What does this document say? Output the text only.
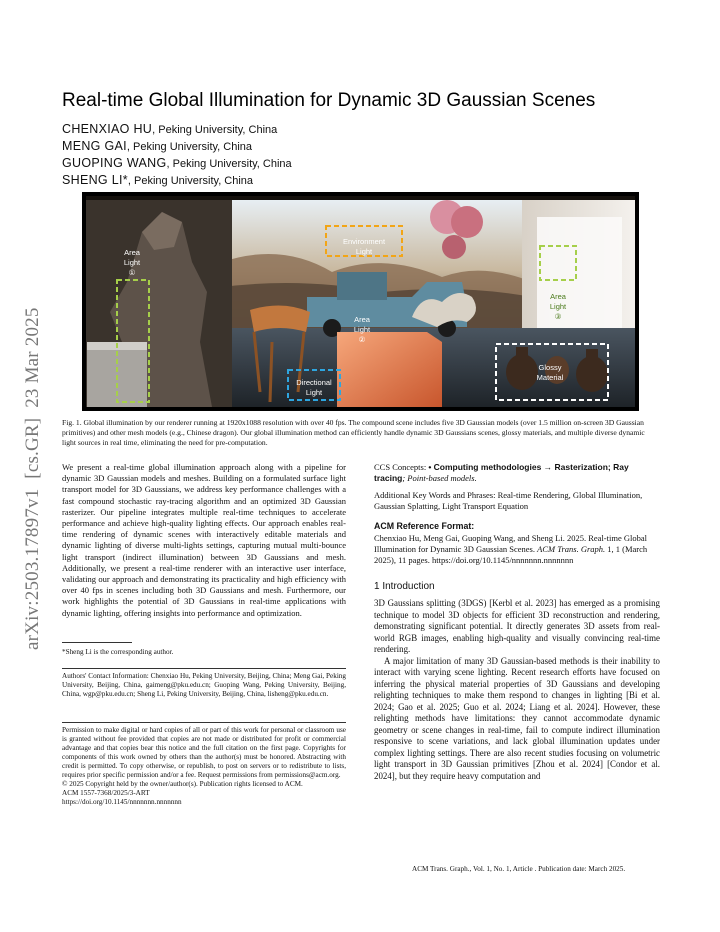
arXiv:2503.17897v1  [cs.GR]  23 Mar 2025
Real-time Global Illumination for Dynamic 3D Gaussian Scenes
CHENXIAO HU, Peking University, China
MENG GAI, Peking University, China
GUOPING WANG, Peking University, China
SHENG LI*, Peking University, China
Area
Light
①
Environment
Light
Area
Light
②
Directional
Light
Glossy
Material
Area
Light
③
Fig. 1. Global illumination by our renderer running at 1920x1088 resolution with over 40 fps. The compound scene includes five 3D Gaussian models (over 1.5 million on-screen 3D Gaussian primitives) and other mesh models (e.g., Chinese dragon). Our global illumination method can efficiently handle dynamic 3D Gaussians scenes, glossy materials, and multiple diverse dynamic light sources in real time, eliminating the need for pre-computation.
We present a real-time global illumination approach along with a pipeline for dynamic 3D Gaussian models and meshes. Building on a formulated surface light transport model for 3D Gaussians, we address key performance challenges with a fast compound stochastic ray-tracing algorithm and an optimized 3D Gaussian rasterizer. Our pipeline integrates multiple real-time techniques to accelerate performance and achieve high-quality lighting effects. Our approach enables real-time rendering of dynamic scenes with interactively editable materials and dynamic lighting of diverse multi-lights settings, capturing mutual multi-bounce light transport (indirect illumination) between 3D Gaussians and mesh. Additionally, we present a real-time renderer with an interactive user interface, validating our approach and demonstrating its practicality and high efficiency with over 40 fps in scenes including both 3D Gaussians and mesh. Furthermore, our work highlights the potential of 3D Gaussians in real-time applications with dynamic lighting, offering insights into performance and optimization.
*Sheng Li is the corresponding author.
Authors' Contact Information: Chenxiao Hu, Peking University, Beijing, China; Meng Gai, Peking University, Beijing, China, gaimeng@pku.edu.cn; Guoping Wang, Peking University, Beijing, China, wgp@pku.edu.cn; Sheng Li, Peking University, Beijing, China, lisheng@pku.edu.cn.
Permission to make digital or hard copies of all or part of this work for personal or classroom use is granted without fee provided that copies are not made or distributed for profit or commercial advantage and that copies bear this notice and the full citation on the first page. Copyrights for components of this work owned by others than the author(s) must be honored. Abstracting with credit is permitted. To copy otherwise, or republish, to post on servers or to redistribute to lists, requires prior specific permission and/or a fee. Request permissions from permissions@acm.org.
© 2025 Copyright held by the owner/author(s). Publication rights licensed to ACM.
ACM 1557-7368/2025/3-ART
https://doi.org/10.1145/nnnnnnn.nnnnnnn
CCS Concepts: • Computing methodologies → Rasterization; Ray tracing; Point-based models.
Additional Key Words and Phrases: Real-time Rendering, Global Illumination, Gaussian Splatting, Light Transport Equation
ACM Reference Format:
Chenxiao Hu, Meng Gai, Guoping Wang, and Sheng Li. 2025. Real-time Global Illumination for Dynamic 3D Gaussian Scenes. ACM Trans. Graph. 1, 1 (March 2025), 11 pages. https://doi.org/10.1145/nnnnnnn.nnnnnnn
1 Introduction

3D Gaussians splitting (3DGS) [Kerbl et al. 2023] has emerged as a promising technique to model 3D objects for efficient 3D reconstruction and rendering, demonstrating significant potential. It directly generates 3D assets from real-world RGB images, enabling high-quality and visually convincing real-time rendering.

A major limitation of many 3D Gaussian-based methods is their inability to interact with varying scene lighting. Recent research efforts have focused on inferring the physical material properties of 3D Gaussians and developing relighting techniques to make them respond to changes in lighting [Bi et al. 2024; Gao et al. 2025; Guo et al. 2024; Liang et al. 2024]. However, these relighting methods have limitations: they cannot accommodate dynamic geometry or scene changes in real-time, fail to compute indirect illumination responsive to scene variations, and lack global illumination updates under complex lighting settings. There are also recent studies focusing on volumetric light transport in 3D Gaussian primitives [Zhou et al. 2024] [Condor et al. 2024], but they require heavy computation and

ACM Trans. Graph., Vol. 1, No. 1, Article . Publication date: March 2025.
